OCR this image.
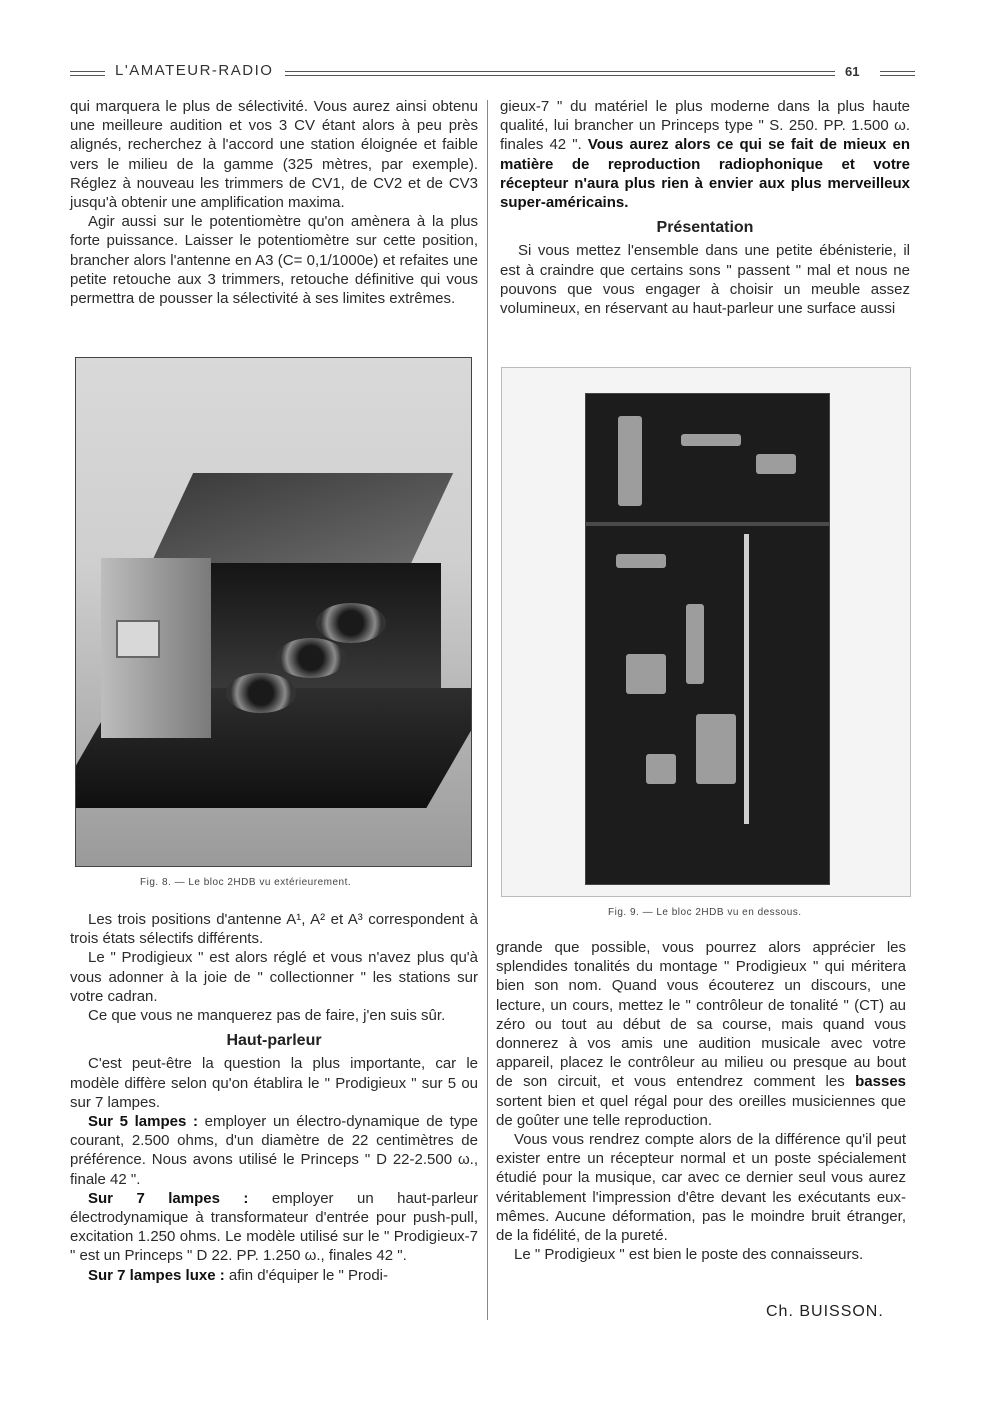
L'AMATEUR-RADIO	61

qui marquera le plus de sélectivité. Vous aurez ainsi obtenu une meilleure audition et vos 3 CV étant alors à peu près alignés, recherchez à l'accord une station éloignée et faible vers le milieu de la gamme (325 mètres, par exemple). Réglez à nouveau les trimmers de CV1, de CV2 et de CV3 jusqu'à obtenir une amplification maxima.

Agir aussi sur le potentiomètre qu'on amènera à la plus forte puissance. Laisser le potentiomètre sur cette position, brancher alors l'antenne en A3 (C= 0,1/1000e) et refaites une petite retouche aux 3 trimmers, retouche définitive qui vous permettra de pousser la sélectivité à ses limites extrêmes.

Fig. 8. — Le bloc 2HDB vu extérieurement.

Les trois positions d'antenne A¹, A² et A³ correspondent à trois états sélectifs différents.

Le " Prodigieux " est alors réglé et vous n'avez plus qu'à vous adonner à la joie de " collectionner " les stations sur votre cadran.

Ce que vous ne manquerez pas de faire, j'en suis sûr.

Haut-parleur

C'est peut-être la question la plus importante, car le modèle diffère selon qu'on établira le " Prodigieux " sur 5 ou sur 7 lampes.

Sur 5 lampes : employer un électro-dynamique de type courant, 2.500 ohms, d'un diamètre de 22 centimètres de préférence. Nous avons utilisé le Princeps " D 22-2.500 ω., finale 42 ".

Sur 7 lampes : employer un haut-parleur électrodynamique à transformateur d'entrée pour push-pull, excitation 1.250 ohms. Le modèle utilisé sur le " Prodigieux-7 " est un Princeps " D 22. PP. 1.250 ω., finales 42 ".

Sur 7 lampes luxe : afin d'équiper le " Prodi-

gieux-7 " du matériel le plus moderne dans la plus haute qualité, lui brancher un Princeps type " S. 250. PP. 1.500 ω. finales 42 ". Vous aurez alors ce qui se fait de mieux en matière de reproduction radiophonique et votre récepteur n'aura plus rien à envier aux plus merveilleux super-américains.

Présentation

Si vous mettez l'ensemble dans une petite ébénisterie, il est à craindre que certains sons " passent " mal et nous ne pouvons que vous engager à choisir un meuble assez volumineux, en réservant au haut-parleur une surface aussi

Fig. 9. — Le bloc 2HDB vu en dessous.

grande que possible, vous pourrez alors apprécier les splendides tonalités du montage " Prodigieux " qui méritera bien son nom. Quand vous écouterez un discours, une lecture, un cours, mettez le " contrôleur de tonalité " (CT) au zéro ou tout au début de sa course, mais quand vous donnerez à vos amis une audition musicale avec votre appareil, placez le contrôleur au milieu ou presque au bout de son circuit, et vous entendrez comment les basses sortent bien et quel régal pour des oreilles musiciennes que de goûter une telle reproduction.

Vous vous rendrez compte alors de la différence qu'il peut exister entre un récepteur normal et un poste spécialement étudié pour la musique, car avec ce dernier seul vous aurez véritablement l'impression d'être devant les exécutants eux-mêmes. Aucune déformation, pas le moindre bruit étranger, de la fidélité, de la pureté.

Le " Prodigieux " est bien le poste des connaisseurs.

Ch. BUISSON.
